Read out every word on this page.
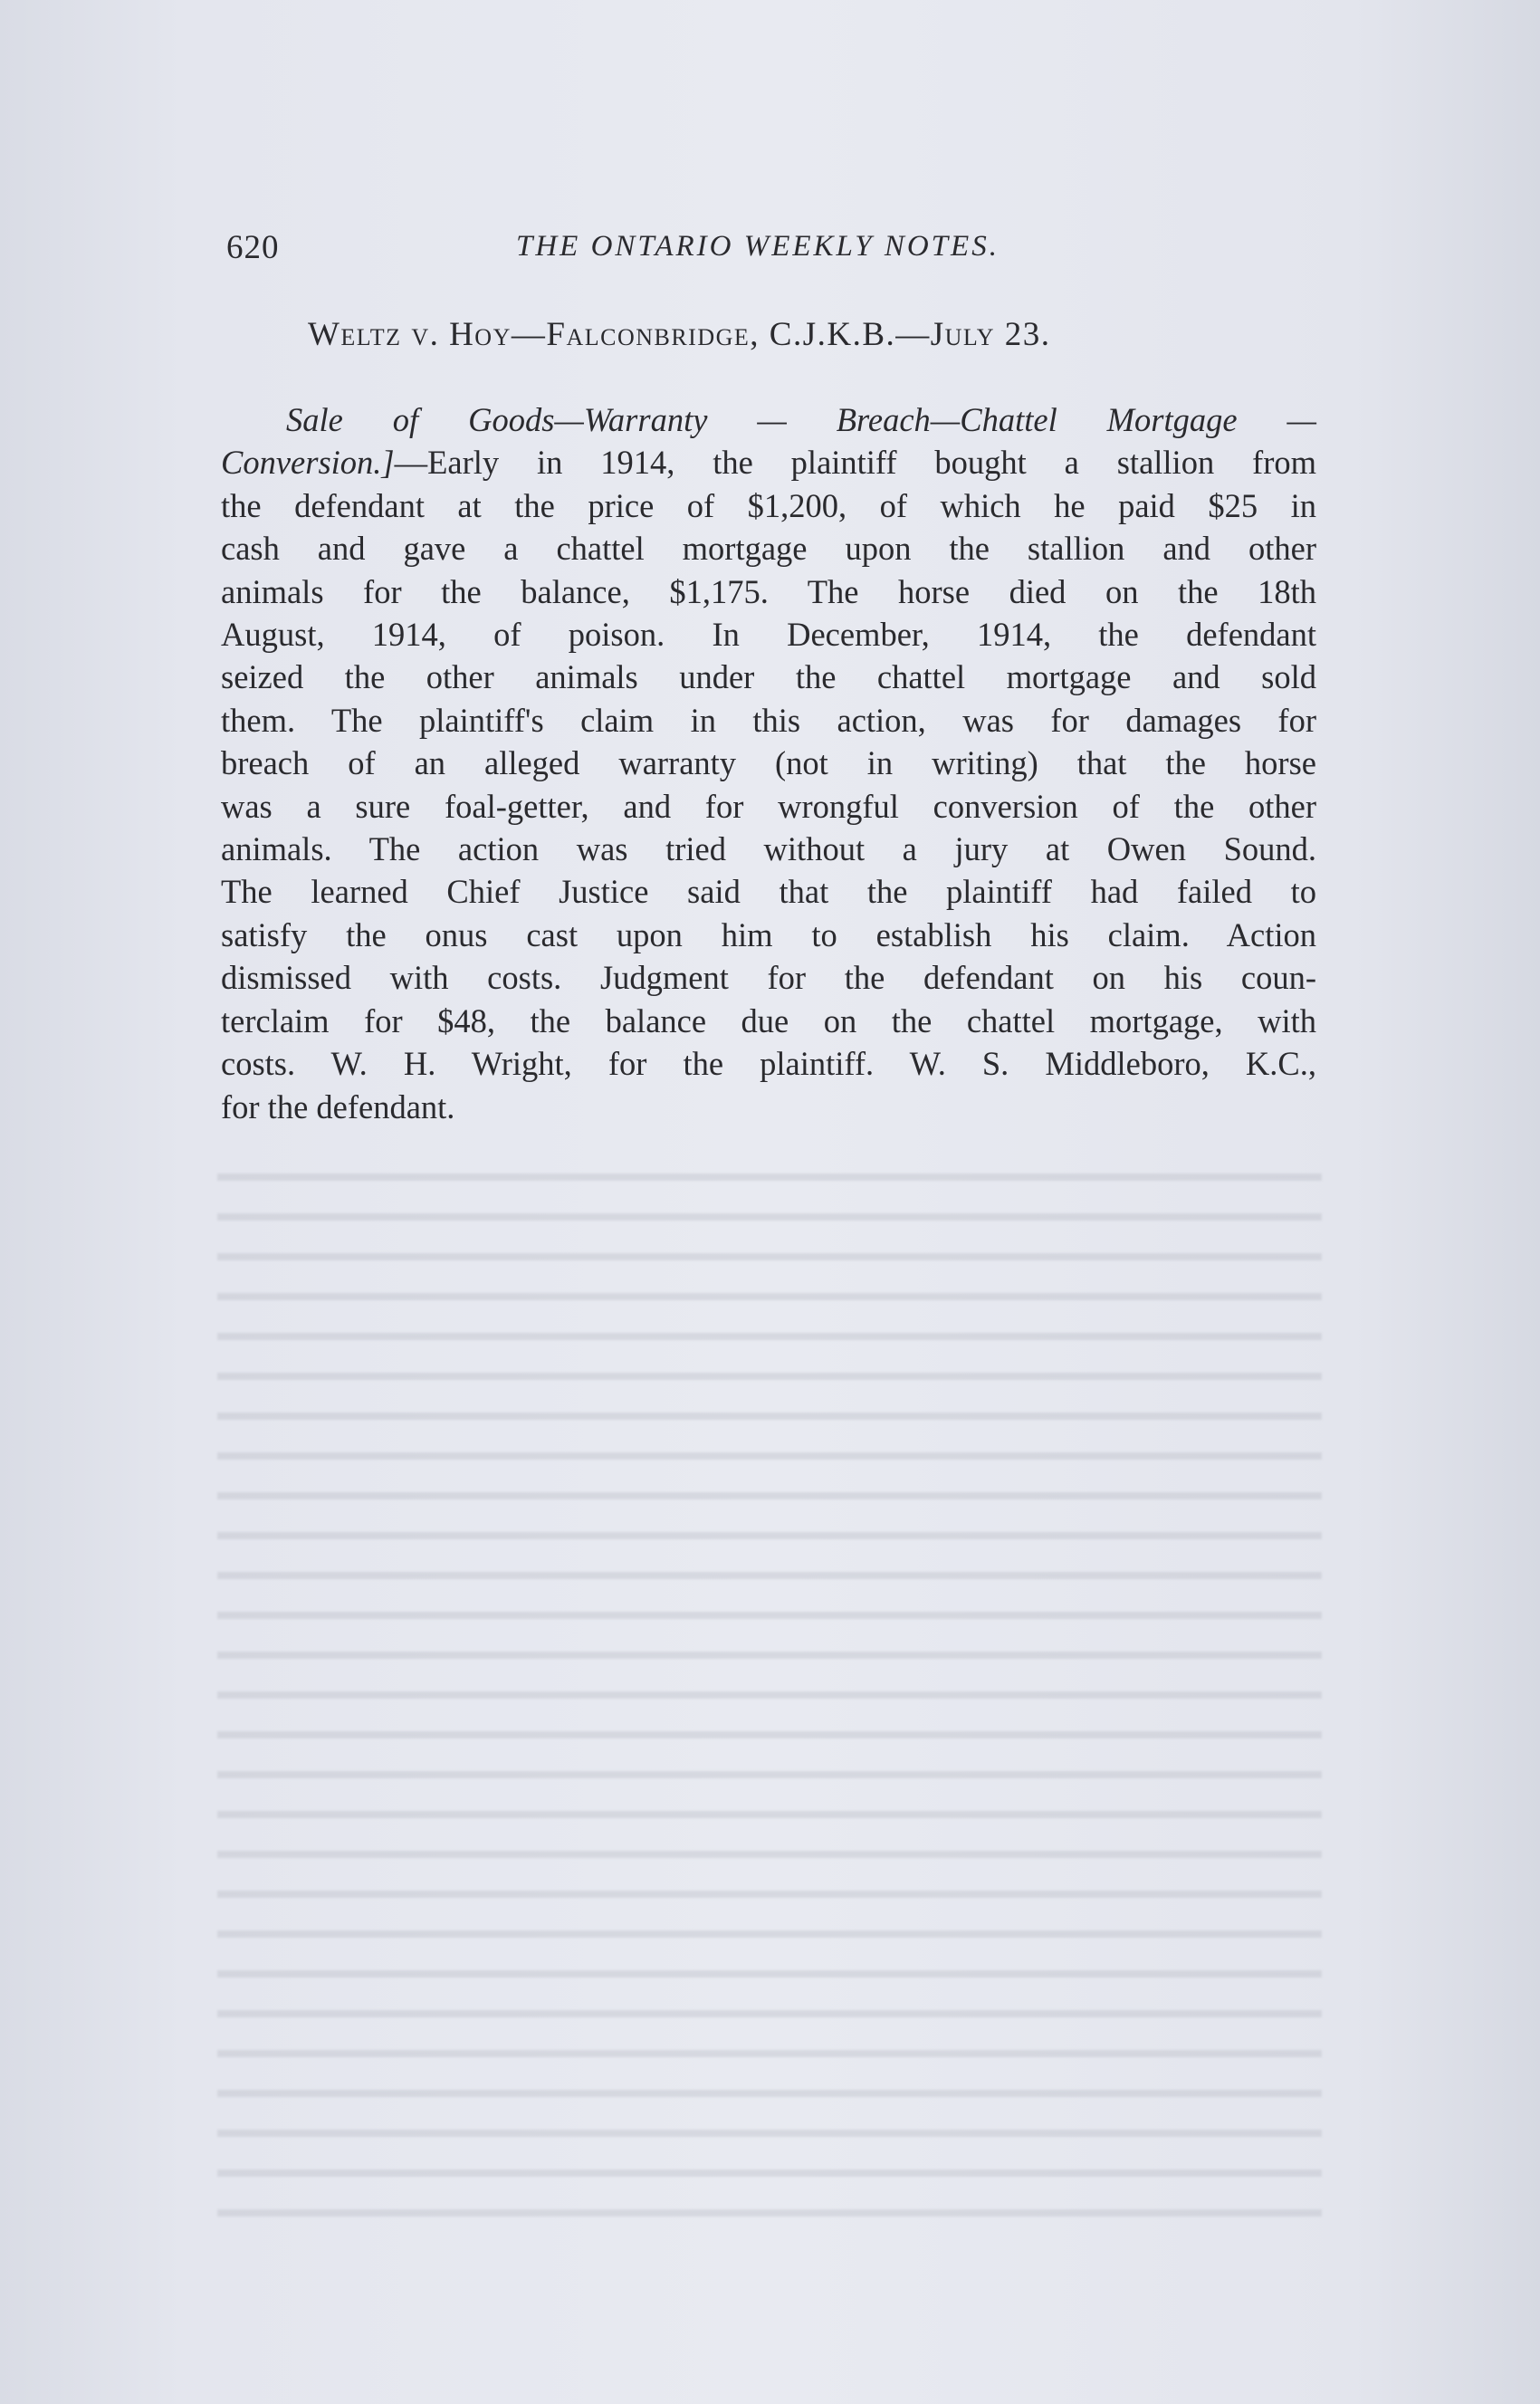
620	THE ONTARIO WEEKLY NOTES.
Weltz v. Hoy—Falconbridge, C.J.K.B.—July 23.
Sale of Goods—Warranty — Breach—Chattel Mortgage —
Conversion.]—Early in 1914, the plaintiff bought a stallion from
the defendant at the price of $1,200, of which he paid $25 in
cash and gave a chattel mortgage upon the stallion and other
animals for the balance, $1,175. The horse died on the 18th
August, 1914, of poison. In December, 1914, the defendant
seized the other animals under the chattel mortgage and sold
them. The plaintiff's claim in this action, was for damages for
breach of an alleged warranty (not in writing) that the horse
was a sure foal-getter, and for wrongful conversion of the other
animals. The action was tried without a jury at Owen Sound.
The learned Chief Justice said that the plaintiff had failed to
satisfy the onus cast upon him to establish his claim. Action
dismissed with costs. Judgment for the defendant on his coun-
terclaim for $48, the balance due on the chattel mortgage, with
costs. W. H. Wright, for the plaintiff. W. S. Middleboro, K.C.,
for the defendant.
